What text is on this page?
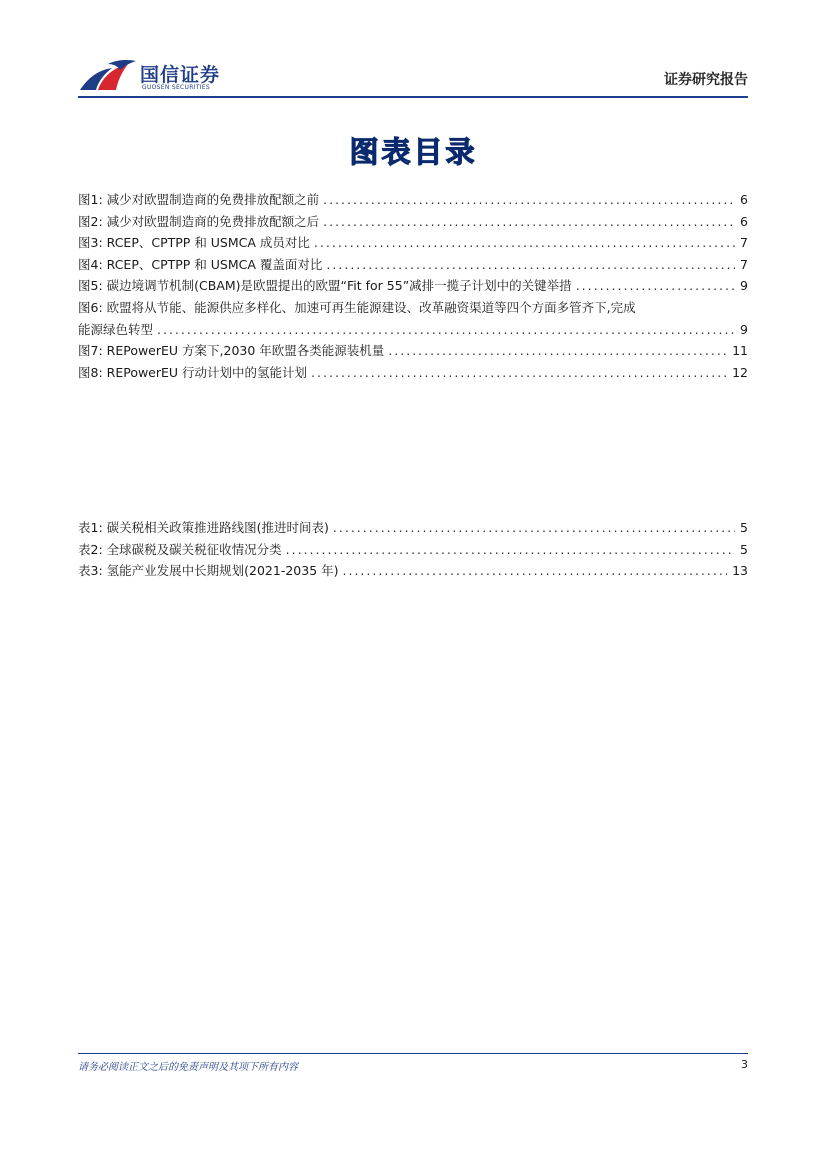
国信证券
GUOSEN SECURITIES	证券研究报告
图表目录
图1: 减少对欧盟制造商的免费排放配额之前 .....	6
图2: 减少对欧盟制造商的免费排放配额之后 .....	6
图3: RCEP、CPTPP 和 USMCA 成员对比 .....	7
图4: RCEP、CPTPP 和 USMCA 覆盖面对比 .....	7
图5: 碳边境调节机制(CBAM)是欧盟提出的欧盟“Fit for 55”减排一揽子计划中的关键举措 .....	9
图6: 欧盟将从节能、能源供应多样化、加速可再生能源建设、改革融资渠道等四个方面多管齐下,完成
能源绿色转型 .....	9
图7: REPowerEU 方案下,2030 年欧盟各类能源装机量 .....	11
图8: REPowerEU 行动计划中的氢能计划 .....	12
表1: 碳关税相关政策推进路线图(推进时间表) .....	5
表2: 全球碳税及碳关税征收情况分类 .....	5
表3: 氢能产业发展中长期规划(2021-2035 年) .....	13
请务必阅读正文之后的免责声明及其项下所有内容	3
